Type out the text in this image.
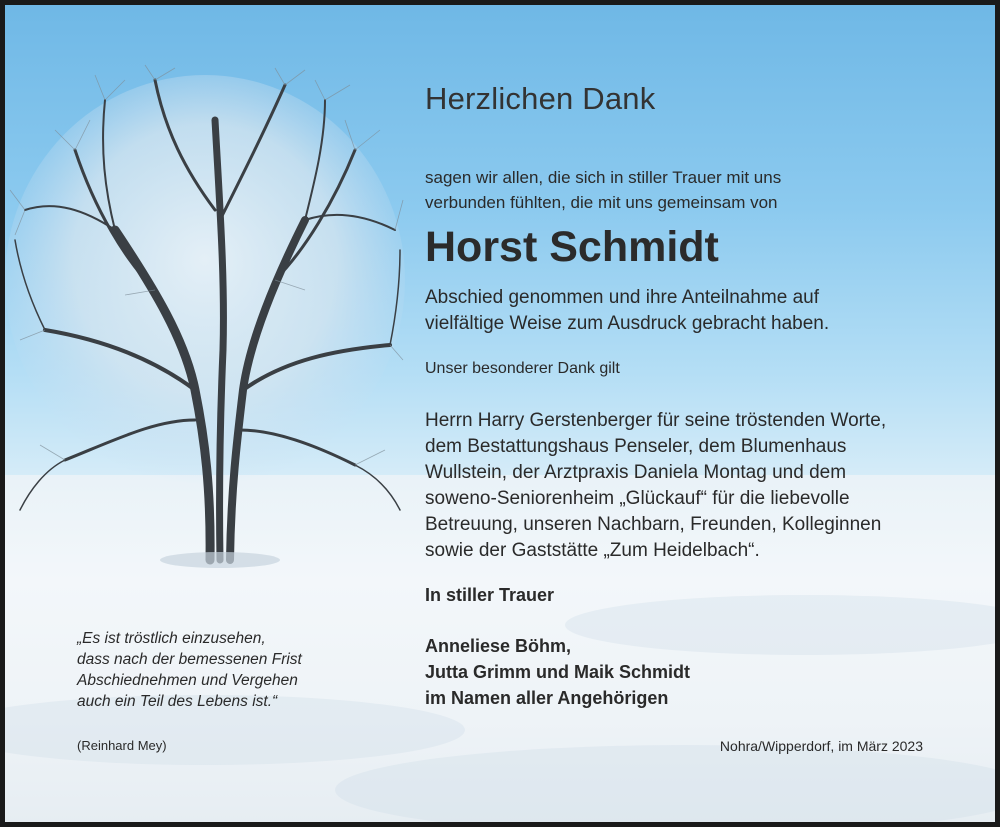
Herzlichen Dank
sagen wir allen, die sich in stiller Trauer mit uns
verbunden fühlten, die mit uns gemeinsam von
Horst Schmidt
Abschied genommen und ihre Anteilnahme auf
vielfältige Weise zum Ausdruck gebracht haben.
Unser besonderer Dank gilt
Herrn Harry Gerstenberger für seine tröstenden Worte,
dem Bestattungshaus Penseler, dem Blumenhaus
Wullstein, der Arztpraxis Daniela Montag und dem
soweno-Seniorenheim „Glückauf“ für die liebevolle
Betreuung, unseren Nachbarn, Freunden, Kolleginnen
sowie der Gaststätte „Zum Heidelbach“.
In stiller Trauer
Anneliese Böhm,
Jutta Grimm und Maik Schmidt
im Namen aller Angehörigen
„Es ist tröstlich einzusehen,
dass nach der bemessenen Frist
Abschiednehmen und Vergehen
auch ein Teil des Lebens ist.“
(Reinhard Mey)	Nohra/Wipperdorf, im März 2023
